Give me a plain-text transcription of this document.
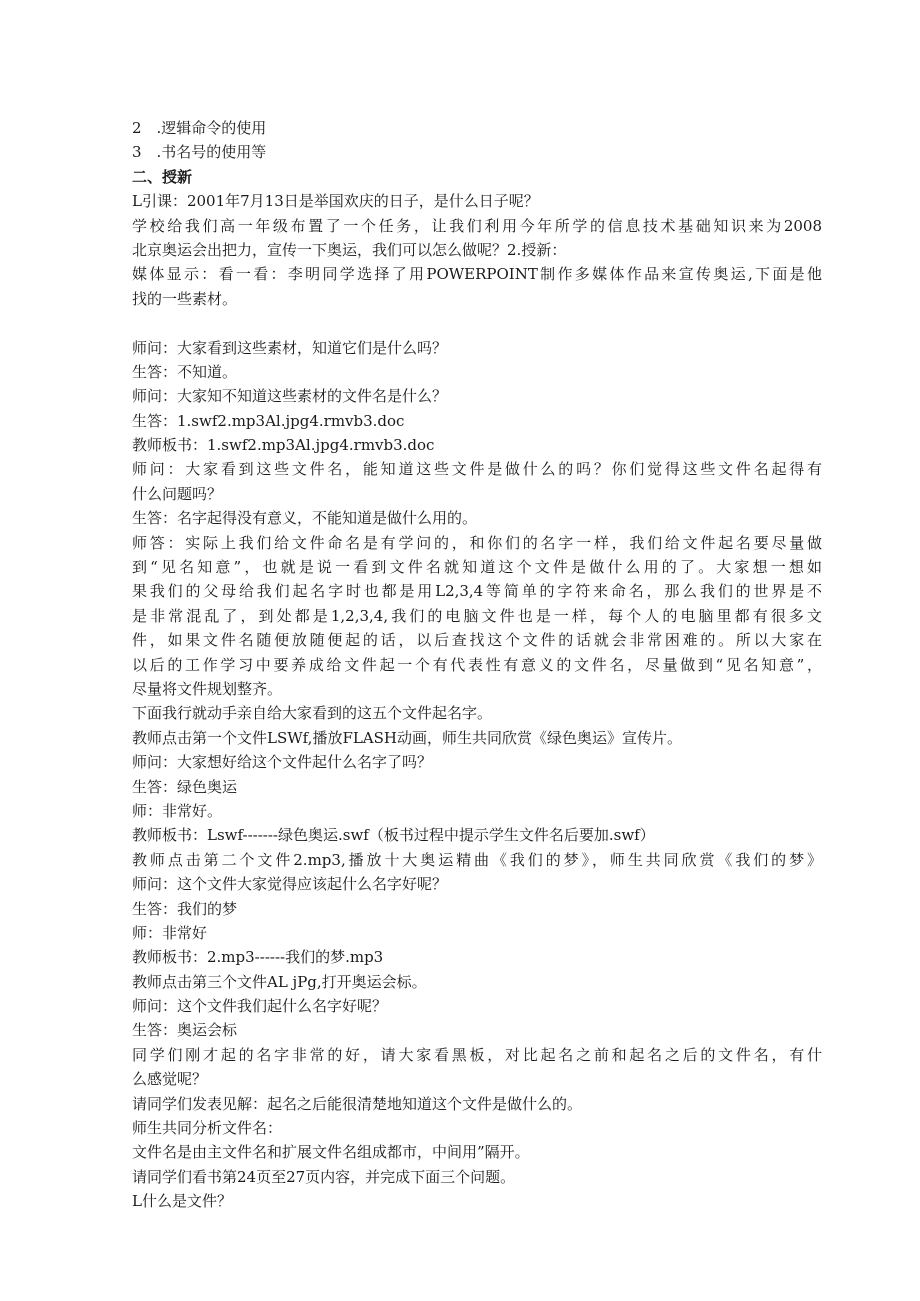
2　.逻辑命令的使用
3　.书名号的使用等
二、授新
L引课：2001年7月13日是举国欢庆的日子，是什么日子呢？
学校给我们高一年级布置了一个任务，让我们利用今年所学的信息技术基础知识来为2008
北京奥运会出把力，宣传一下奥运，我们可以怎么做呢？2.授新：
媒体显示：看一看：李明同学选择了用POWERPOINT制作多媒体作品来宣传奥运,下面是他
找的一些素材。
师问：大家看到这些素材，知道它们是什么吗？
生答：不知道。
师问：大家知不知道这些素材的文件名是什么？
生答：1.swf2.mp3Al.jpg4.rmvb3.doc
教师板书：1.swf2.mp3Al.jpg4.rmvb3.doc
师问：大家看到这些文件名，能知道这些文件是做什么的吗？你们觉得这些文件名起得有
什么问题吗？
生答：名字起得没有意义，不能知道是做什么用的。
师答：实际上我们给文件命名是有学问的，和你们的名字一样，我们给文件起名要尽量做
到“见名知意”，也就是说一看到文件名就知道这个文件是做什么用的了。大家想一想如
果我们的父母给我们起名字时也都是用L2,3,4等简单的字符来命名，那么我们的世界是不
是非常混乱了，到处都是1,2,3,4,我们的电脑文件也是一样，每个人的电脑里都有很多文
件，如果文件名随便放随便起的话，以后查找这个文件的话就会非常困难的。所以大家在
以后的工作学习中要养成给文件起一个有代表性有意义的文件名，尽量做到“见名知意”，
尽量将文件规划整齐。
下面我行就动手亲自给大家看到的这五个文件起名字。
教师点击第一个文件LSWf,播放FLASH动画，师生共同欣赏《绿色奥运》宣传片。
师问：大家想好给这个文件起什么名字了吗？
生答：绿色奥运
师：非常好。
教师板书：Lswf-------绿色奥运.swf（板书过程中提示学生文件名后要加.swf）
教师点击第二个文件2.mp3,播放十大奥运精曲《我们的梦》，师生共同欣赏《我们的梦》
师问：这个文件大家觉得应该起什么名字好呢？
生答：我们的梦
师：非常好
教师板书：2.mp3------我们的梦.mp3
教师点击第三个文件AL jPg,打开奥运会标。
师问：这个文件我们起什么名字好呢？
生答：奥运会标
同学们刚才起的名字非常的好，请大家看黑板，对比起名之前和起名之后的文件名，有什
么感觉呢？
请同学们发表见解：起名之后能很清楚地知道这个文件是做什么的。
师生共同分析文件名：
文件名是由主文件名和扩展文件名组成都市，中间用”隔开。
请同学们看书第24页至27页内容，并完成下面三个问题。
L什么是文件？
